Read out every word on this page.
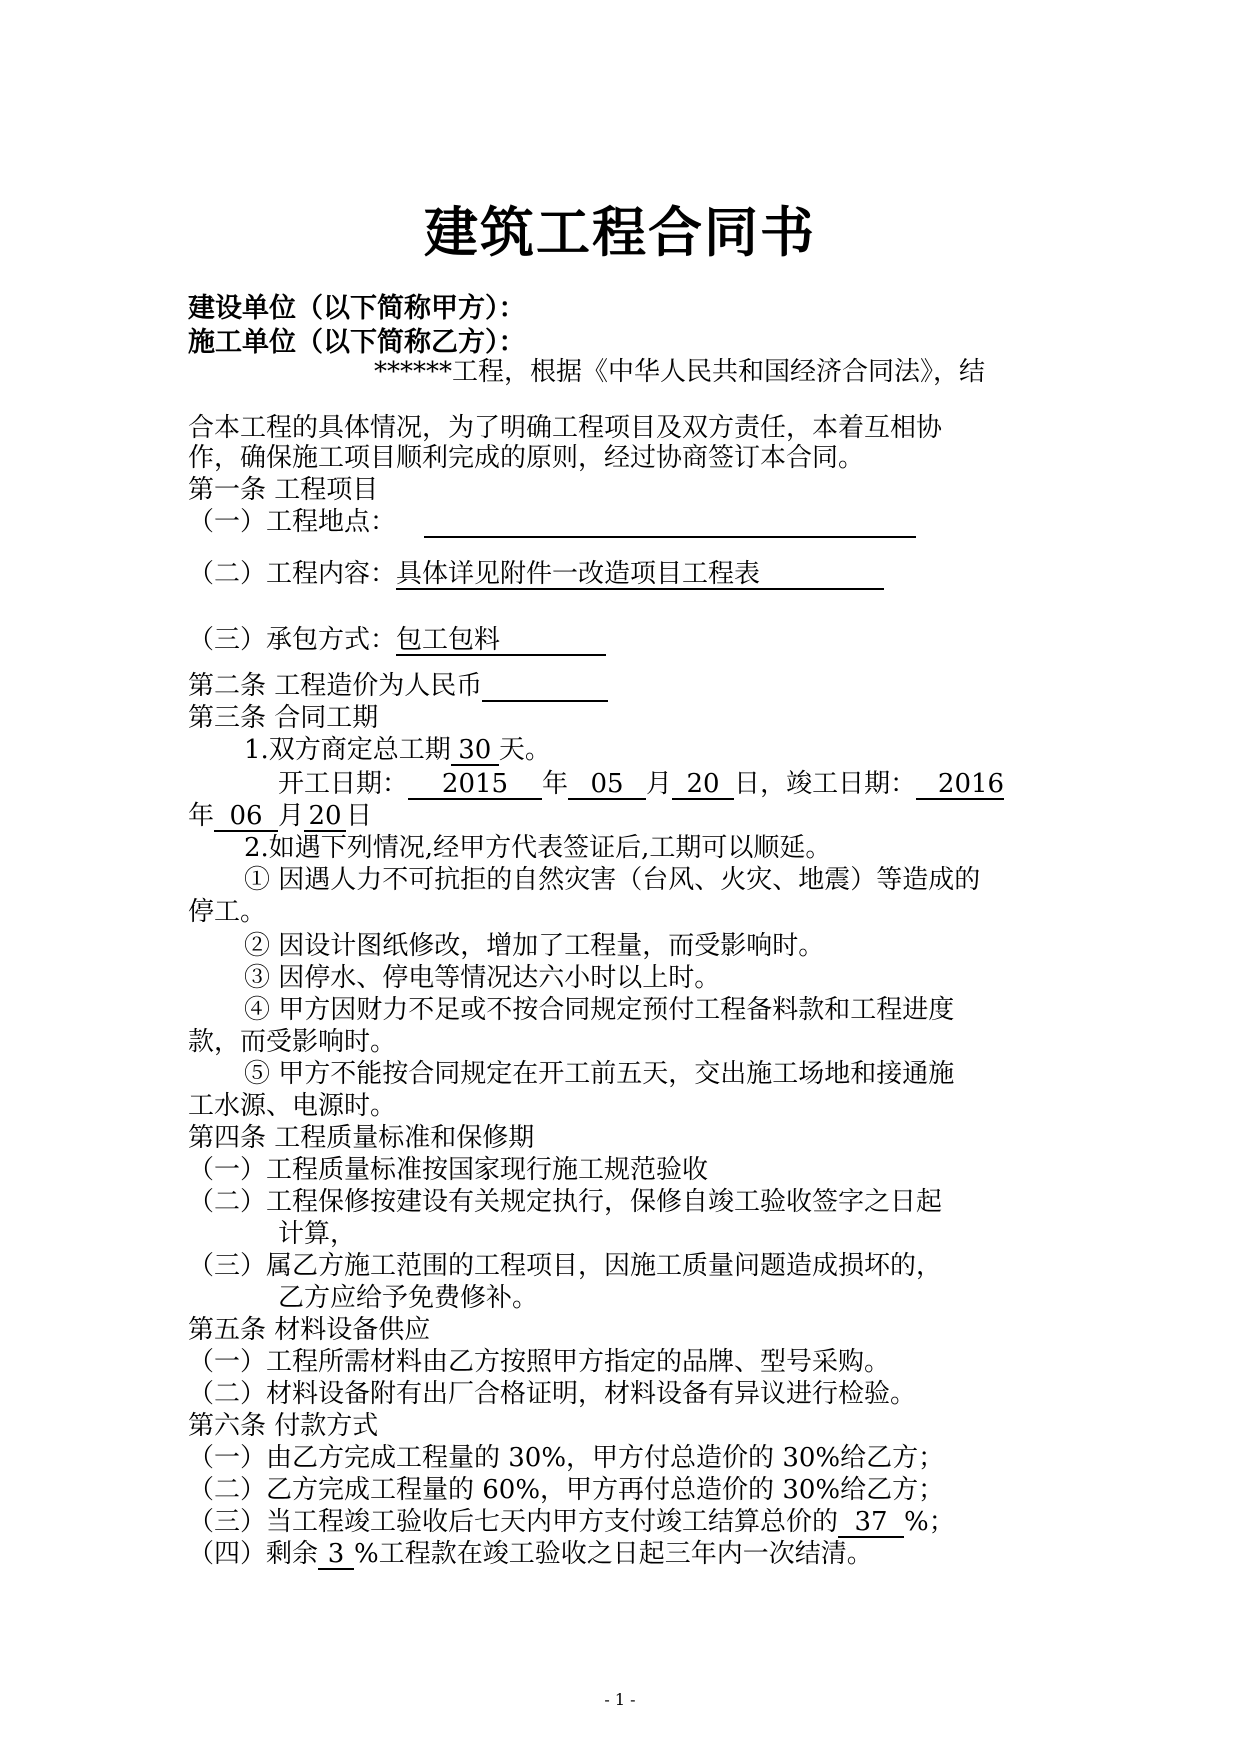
建筑工程合同书
建设单位（以下简称甲方）：
施工单位（以下简称乙方）：
******工程，根据《中华人民共和国经济合同法》，结
合本工程的具体情况，为了明确工程项目及双方责任，本着互相协
作，确保施工项目顺利完成的原则，经过协商签订本合同。
第一条 工程项目
（一）工程地点：
（二）工程内容：具体详见附件一改造项目工程表
（三）承包方式：包工包料
第二条 工程造价为人民币
第三条 合同工期
1.双方商定总工期 30 天。
开工日期： 2015 年 05 月 20 日，竣工日期： 2016
年 06 月 20 日
2.如遇下列情况,经甲方代表签证后,工期可以顺延。
① 因遇人力不可抗拒的自然灾害（台风、火灾、地震）等造成的
停工。
② 因设计图纸修改，增加了工程量，而受影响时。
③ 因停水、停电等情况达六小时以上时。
④ 甲方因财力不足或不按合同规定预付工程备料款和工程进度
款，而受影响时。
⑤ 甲方不能按合同规定在开工前五天，交出施工场地和接通施
工水源、电源时。
第四条 工程质量标准和保修期
（一）工程质量标准按国家现行施工规范验收
（二）工程保修按建设有关规定执行，保修自竣工验收签字之日起
计算，
（三）属乙方施工范围的工程项目，因施工质量问题造成损坏的，
乙方应给予免费修补。
第五条 材料设备供应
（一）工程所需材料由乙方按照甲方指定的品牌、型号采购。
（二）材料设备附有出厂合格证明，材料设备有异议进行检验。
第六条 付款方式
（一）由乙方完成工程量的 30%，甲方付总造价的 30%给乙方；
（二）乙方完成工程量的 60%，甲方再付总造价的 30%给乙方；
（三）当工程竣工验收后七天内甲方支付竣工结算总价的 37 %；
（四）剩余 3 %工程款在竣工验收之日起三年内一次结清。
- 1 -
